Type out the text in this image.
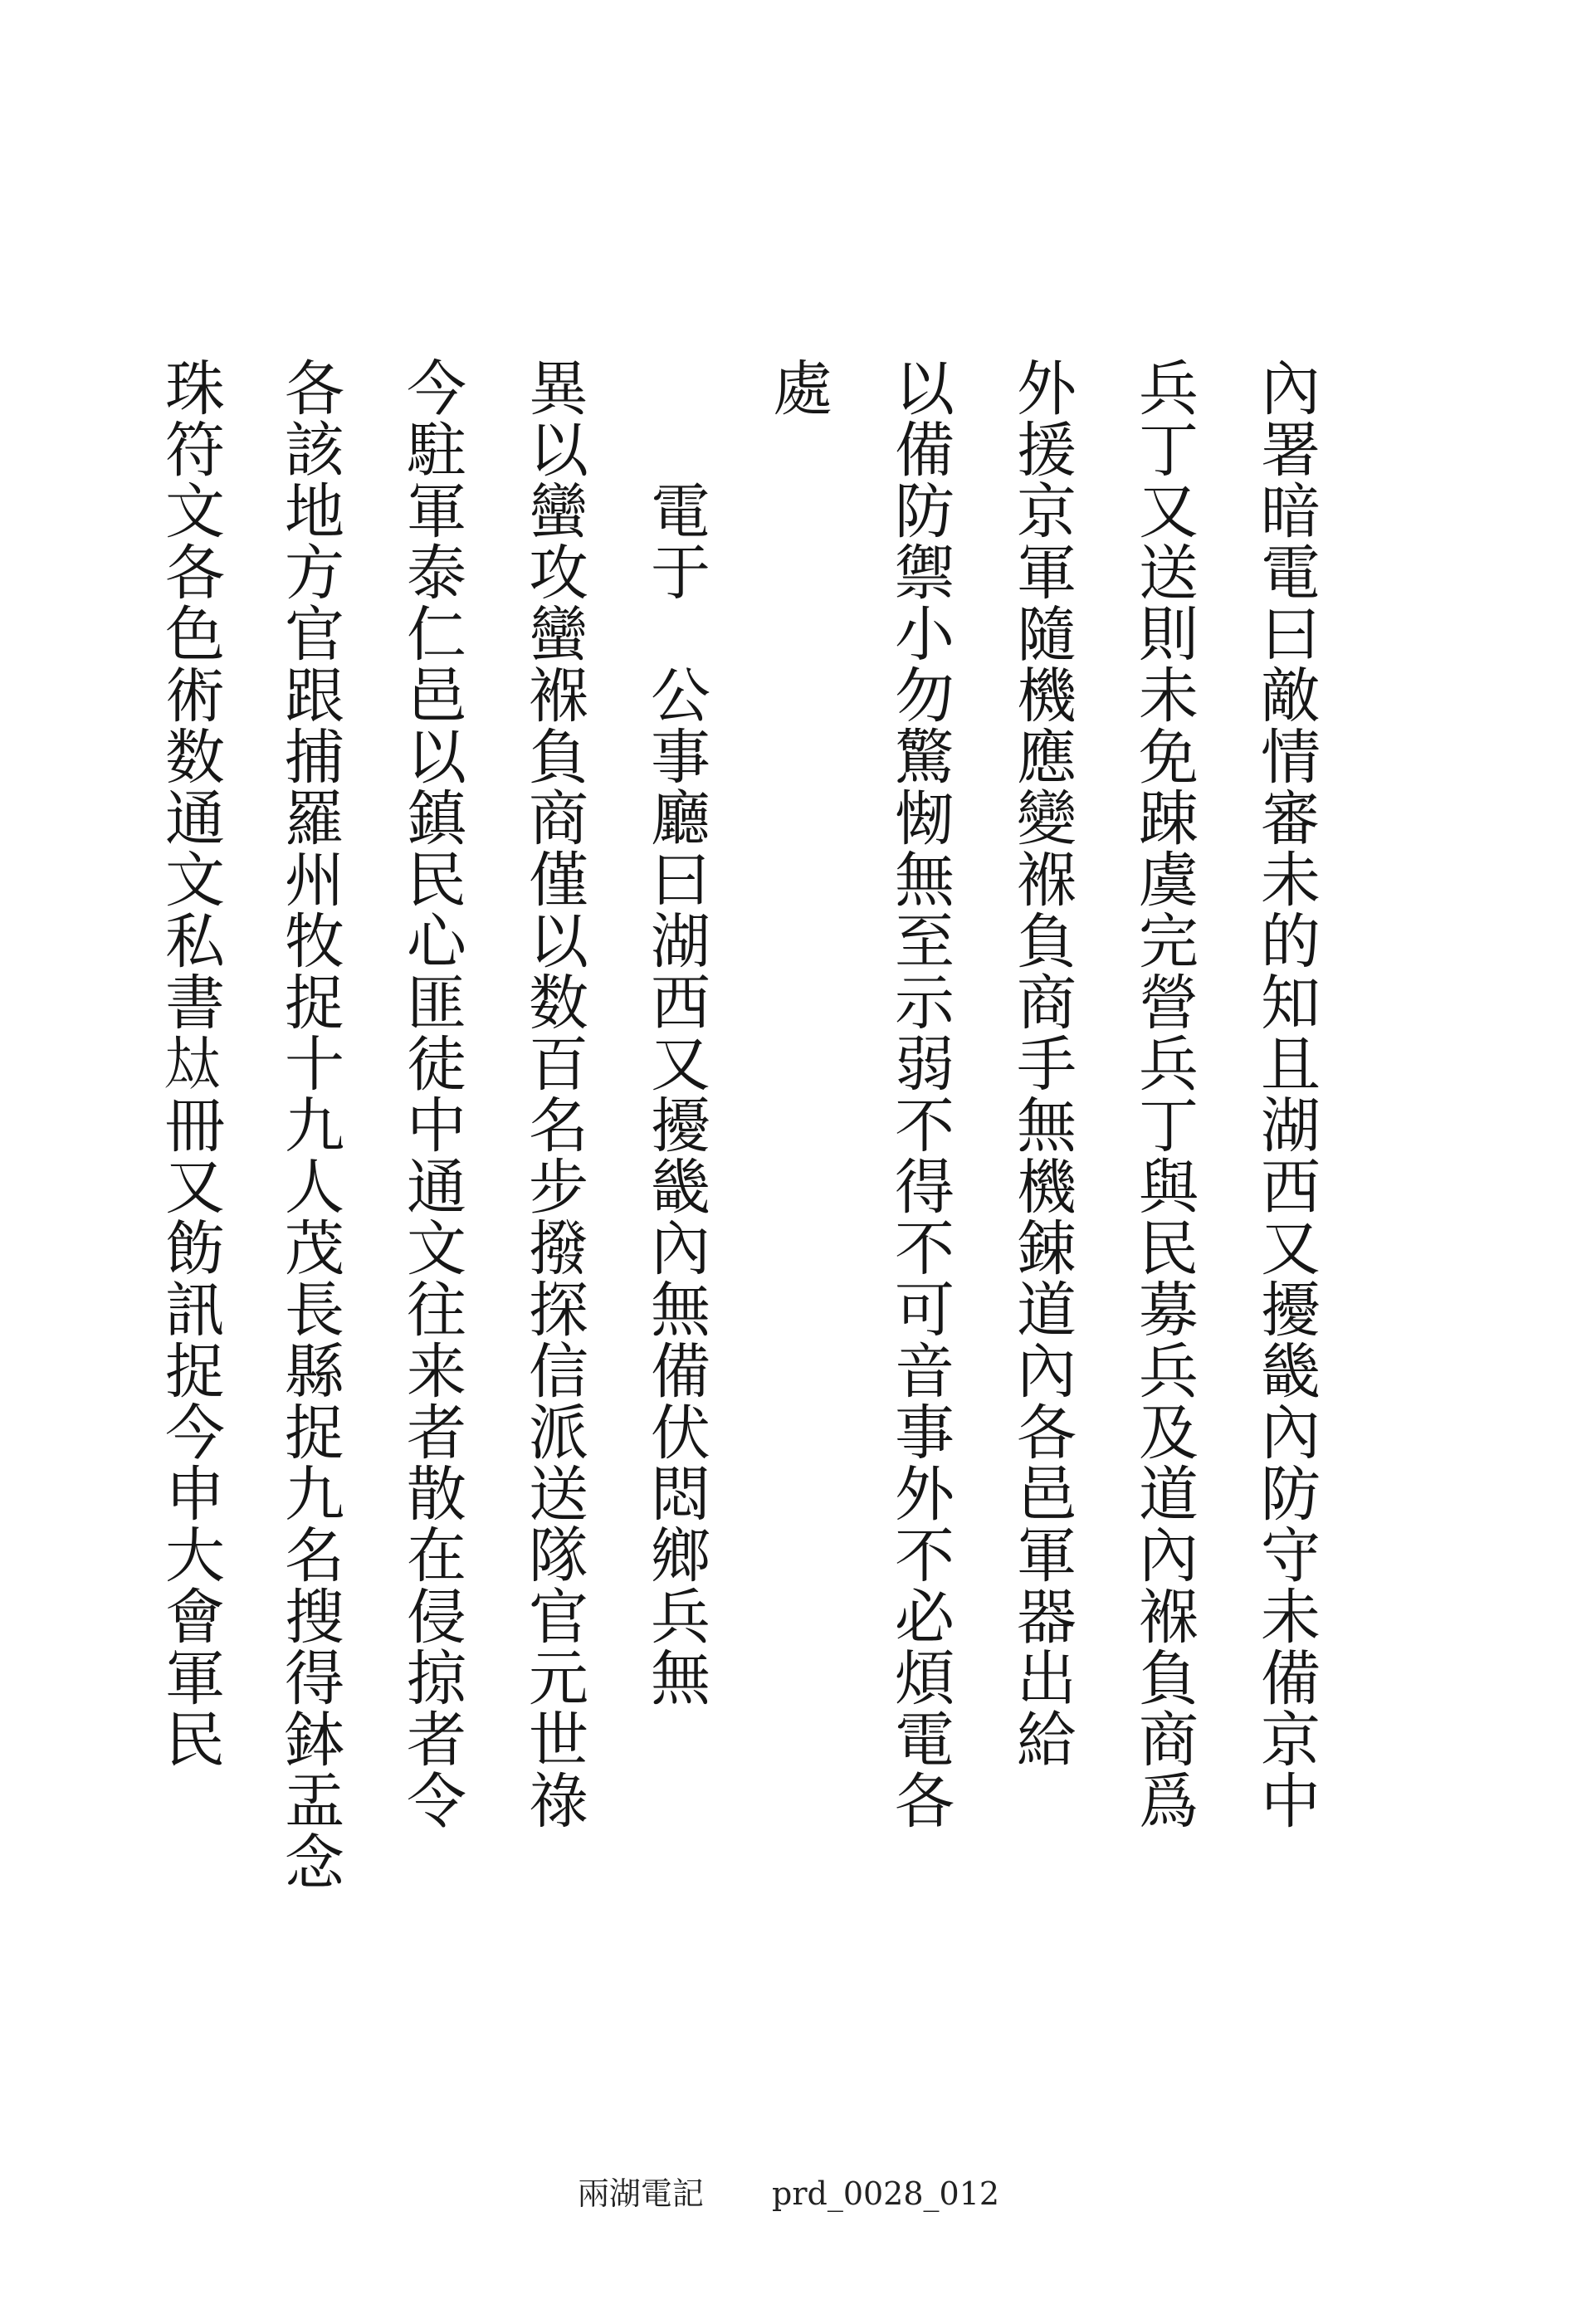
內署暗電曰敵情審未的知且湖西又擾畿內防守未備京中
兵丁又送則未免踈虞完營兵丁與民募兵及道內褓負商爲
外援京軍隨機應變褓負商手無機鋉道內各邑軍器出給
以備防禦小勿驚㥘無至示弱不得不可音事外不必煩電各
處
　　電于　公事廳曰湖西又擾畿內無備伏悶鄉兵無
異以蠻攻蠻褓負商僅以数百名步撥探信派送隊官元世祿
今駐軍泰仁邑以鎮民心匪徒中通文往来者散在侵掠者令
各該地方官跟捕羅州牧捉十九人茂長縣捉九名搜得鉢盂念
珠符文各色術数通文私書𡘋冊又飭訊捉今申大會軍民
兩湖電記 prd_0028_012
